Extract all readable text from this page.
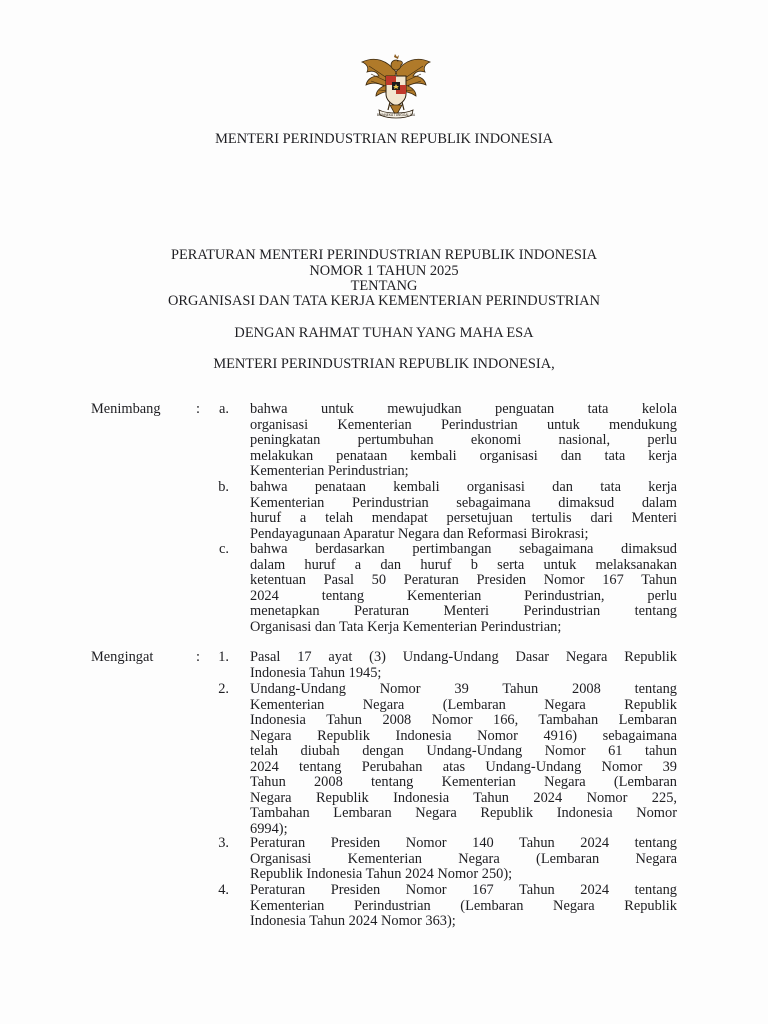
BHINNEKA TUNGGAL IKA
MENTERI PERINDUSTRIAN REPUBLIK INDONESIA
PERATURAN MENTERI PERINDUSTRIAN REPUBLIK INDONESIA
NOMOR 1 TAHUN 2025
TENTANG
ORGANISASI DAN TATA KERJA KEMENTERIAN PERINDUSTRIAN
DENGAN RAHMAT TUHAN YANG MAHA ESA
MENTERI PERINDUSTRIAN REPUBLIK INDONESIA,
Menimbang :	a. bahwa untuk mewujudkan penguatan tata kelola
organisasi Kementerian Perindustrian untuk mendukung
peningkatan pertumbuhan ekonomi nasional, perlu
melakukan penataan kembali organisasi dan tata kerja
Kementerian Perindustrian;
b. bahwa penataan kembali organisasi dan tata kerja
Kementerian Perindustrian sebagaimana dimaksud dalam
huruf a telah mendapat persetujuan tertulis dari Menteri
Pendayagunaan Aparatur Negara dan Reformasi Birokrasi;
c. bahwa berdasarkan pertimbangan sebagaimana dimaksud
dalam huruf a dan huruf b serta untuk melaksanakan
ketentuan Pasal 50 Peraturan Presiden Nomor 167 Tahun
2024 tentang Kementerian Perindustrian, perlu
menetapkan Peraturan Menteri Perindustrian tentang
Organisasi dan Tata Kerja Kementerian Perindustrian;
Mengingat	:	1. Pasal 17 ayat (3) Undang-Undang Dasar Negara Republik
Indonesia Tahun 1945;
2. Undang-Undang Nomor 39 Tahun 2008 tentang
Kementerian Negara (Lembaran Negara Republik
Indonesia Tahun 2008 Nomor 166, Tambahan Lembaran
Negara Republik Indonesia Nomor 4916) sebagaimana
telah diubah dengan Undang-Undang Nomor 61 tahun
2024 tentang Perubahan atas Undang-Undang Nomor 39
Tahun 2008 tentang Kementerian Negara (Lembaran
Negara Republik Indonesia Tahun 2024 Nomor 225,
Tambahan Lembaran Negara Republik Indonesia Nomor
6994);
3. Peraturan Presiden Nomor 140 Tahun 2024 tentang
Organisasi Kementerian Negara (Lembaran Negara
Republik Indonesia Tahun 2024 Nomor 250);
4. Peraturan Presiden Nomor 167 Tahun 2024 tentang
Kementerian Perindustrian (Lembaran Negara Republik
Indonesia Tahun 2024 Nomor 363);
